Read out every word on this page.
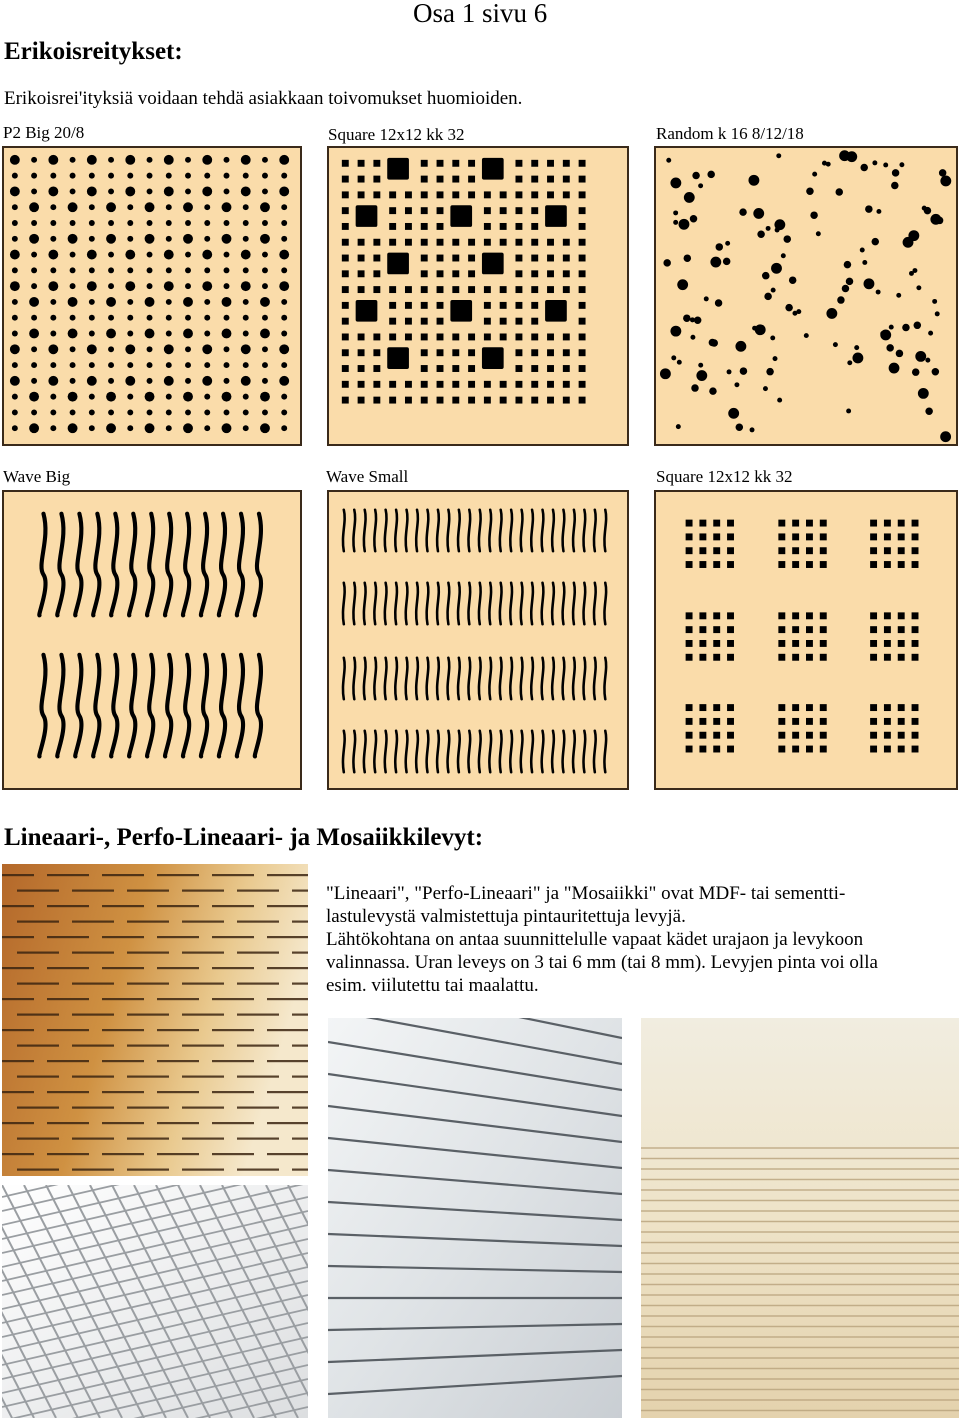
Osa 1 sivu 6
Erikoisreitykset:
Erikoisrei'ityksiä voidaan tehdä asiakkaan toivomukset huomioiden.
P2 Big 20/8	Square 12x12 kk 32	Random k 16 8/12/18
Wave Big	Wave Small	Square 12x12 kk 32
Lineaari-, Perfo-Lineaari- ja Mosaiikkilevyt:

"Lineaari", "Perfo-Lineaari" ja "Mosaiikki" ovat MDF- tai sementti-

lastulevystä valmistettuja pintauritettuja levyjä.

Lähtökohtana on antaa suunnittelulle vapaat kädet urajaon ja levykoon

valinnassa. Uran leveys on 3 tai 6 mm (tai 8 mm). Levyjen pinta voi olla

esim. viilutettu tai maalattu.
